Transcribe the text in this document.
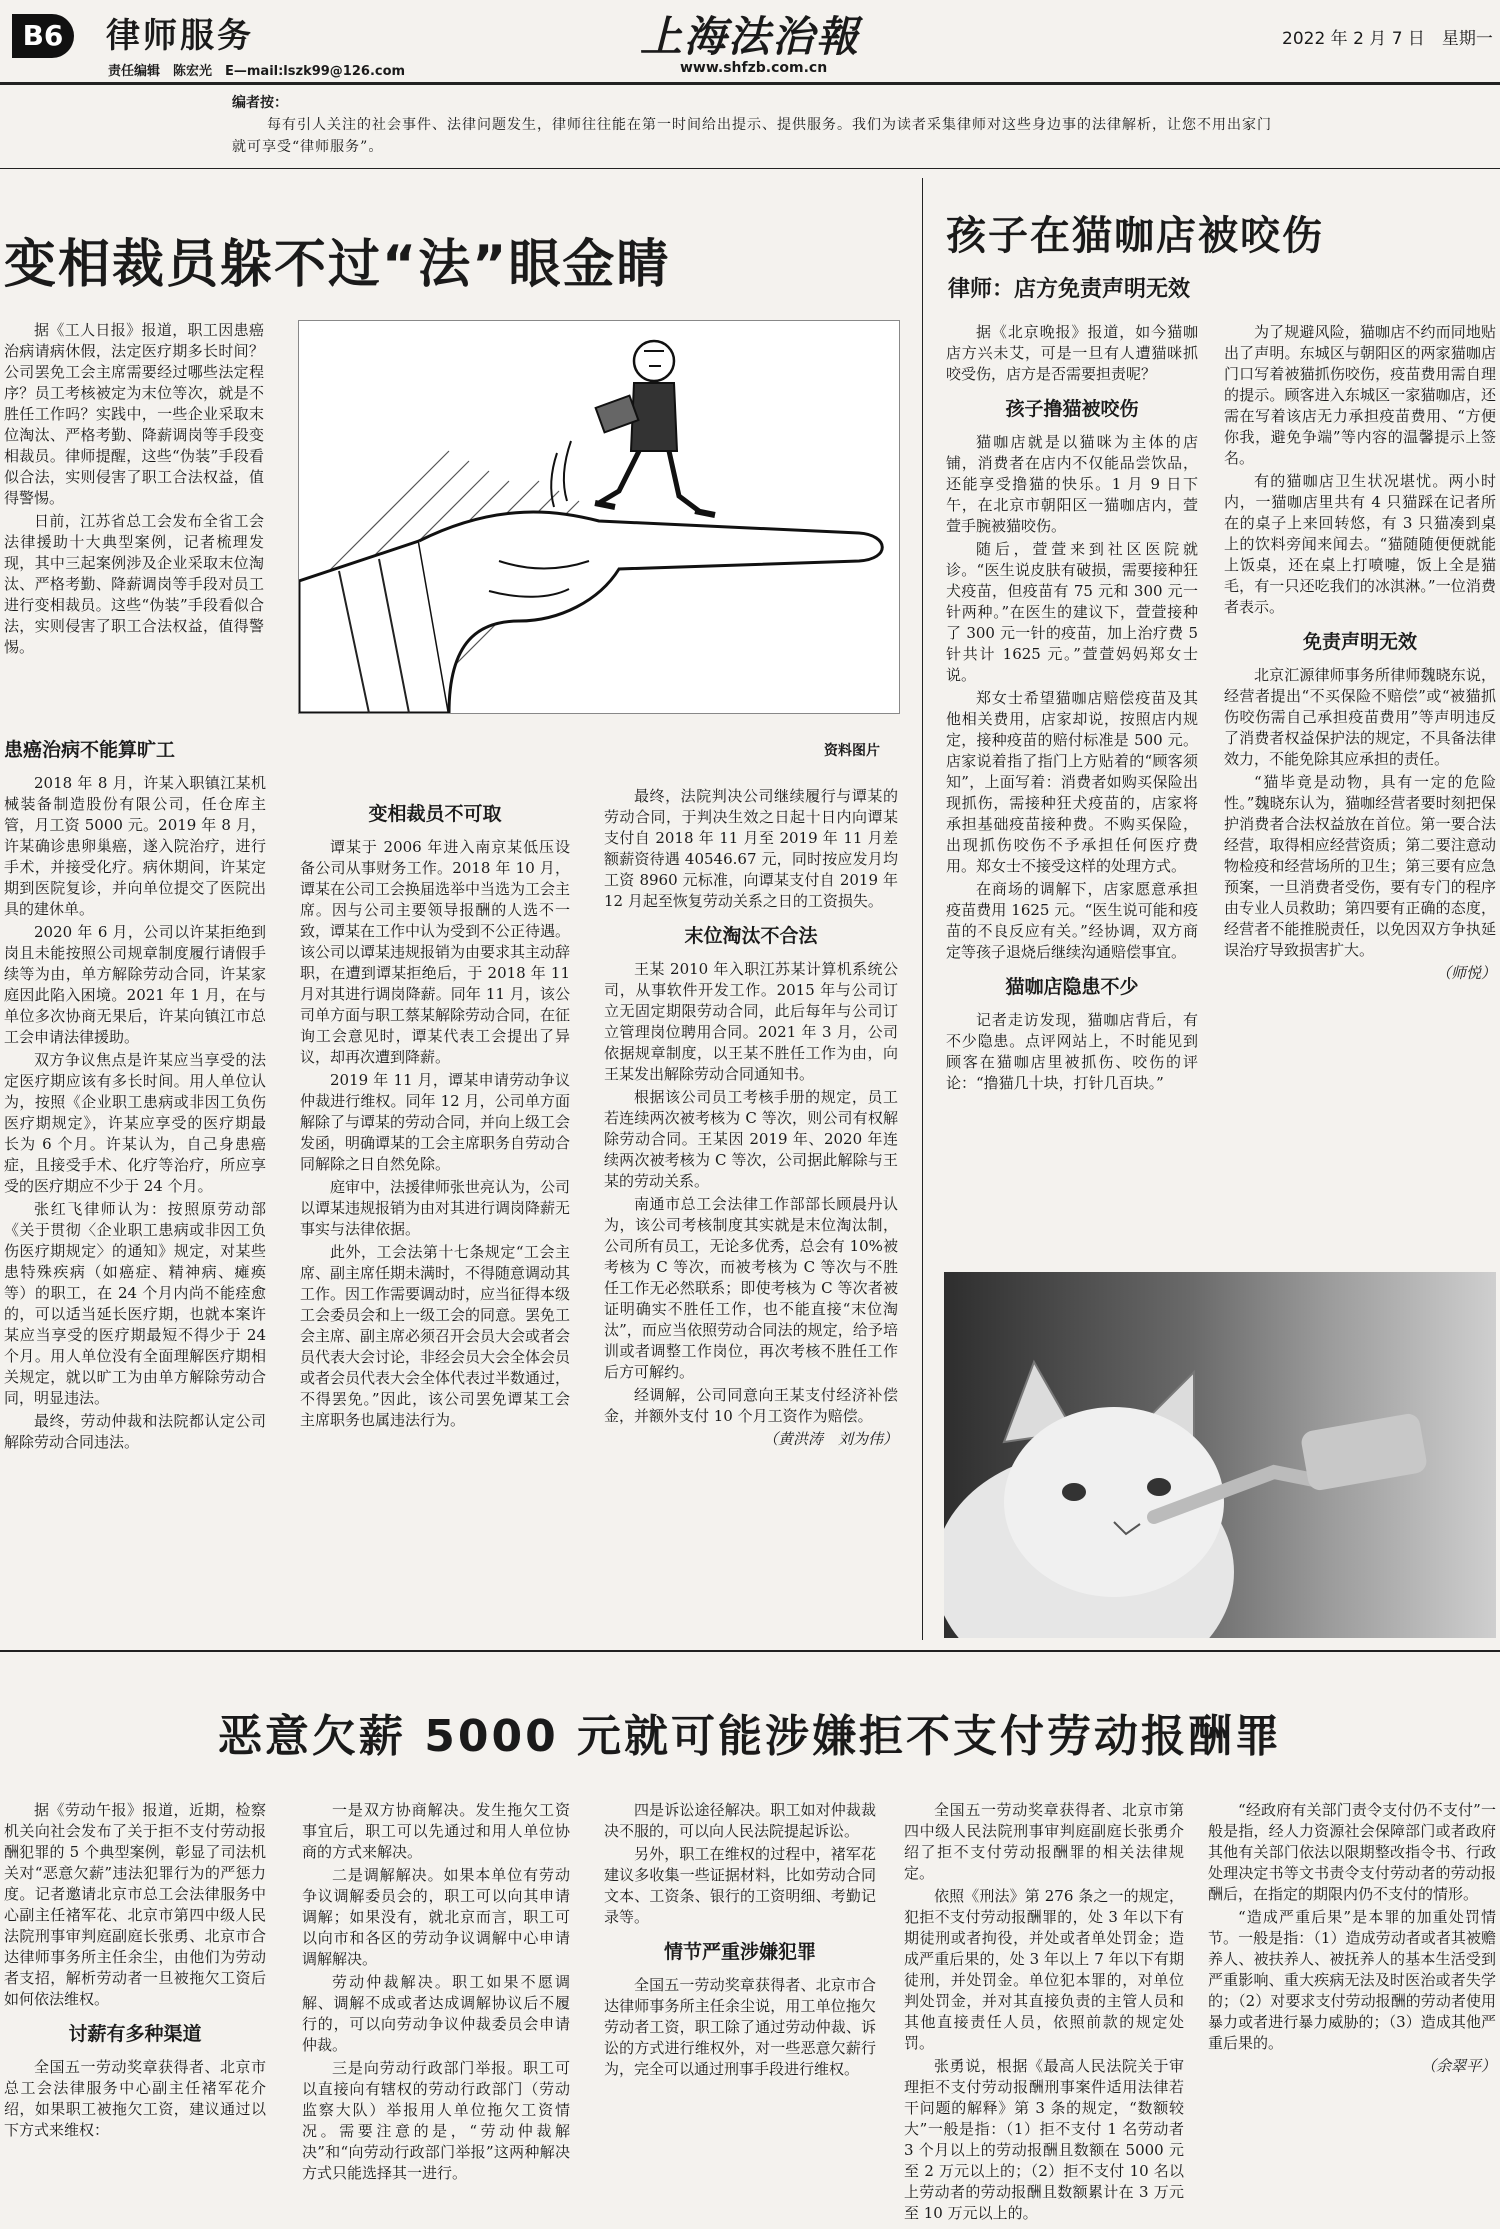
B6	律师服务
责任编辑　陈宏光　E—mail:lszk99@126.com
上海法治報
www.shfzb.com.cn
2022 年 2 月 7 日　星期一
编者按：
每有引人关注的社会事件、法律问题发生，律师往往能在第一时间给出提示、提供服务。我们为读者采集律师对这些身边事的法律解析，让您不用出家门就可享受“律师服务”。
变相裁员躲不过“法”眼金睛

据《工人日报》报道，职工因患癌治病请病休假，法定医疗期多长时间？公司罢免工会主席需要经过哪些法定程序？员工考核被定为末位等次，就是不胜任工作吗？实践中，一些企业采取末位淘汰、严格考勤、降薪调岗等手段变相裁员。律师提醒，这些“伪装”手段看似合法，实则侵害了职工合法权益，值得警惕。

日前，江苏省总工会发布全省工会法律援助十大典型案例，记者梳理发现，其中三起案例涉及企业采取末位淘汰、严格考勤、降薪调岗等手段对员工进行变相裁员。这些“伪装”手段看似合法，实则侵害了职工合法权益，值得警惕。

资料图片

患癌治病不能算旷工

2018 年 8 月，许某入职镇江某机械装备制造股份有限公司，任仓库主管，月工资 5000 元。2019 年 8 月，许某确诊患卵巢癌，遂入院治疗，进行手术，并接受化疗。病休期间，许某定期到医院复诊，并向单位提交了医院出具的建休单。

2020 年 6 月，公司以许某拒绝到岗且未能按照公司规章制度履行请假手续等为由，单方解除劳动合同，许某家庭因此陷入困境。2021 年 1 月，在与单位多次协商无果后，许某向镇江市总工会申请法律援助。

双方争议焦点是许某应当享受的法定医疗期应该有多长时间。用人单位认为，按照《企业职工患病或非因工负伤医疗期规定》，许某应享受的医疗期最长为 6 个月。许某认为，自己身患癌症，且接受手术、化疗等治疗，所应享受的医疗期应不少于 24 个月。

张红飞律师认为：按照原劳动部《关于贯彻〈企业职工患病或非因工负伤医疗期规定〉的通知》规定，对某些患特殊疾病（如癌症、精神病、瘫痪等）的职工，在 24 个月内尚不能痊愈的，可以适当延长医疗期，也就本案许某应当享受的医疗期最短不得少于 24 个月。用人单位没有全面理解医疗期相关规定，就以旷工为由单方解除劳动合同，明显违法。

最终，劳动仲裁和法院都认定公司解除劳动合同违法。

变相裁员不可取

谭某于 2006 年进入南京某低压设备公司从事财务工作。2018 年 10 月，谭某在公司工会换届选举中当选为工会主席。因与公司主要领导报酬的人选不一致，谭某在工作中认为受到不公正待遇。该公司以谭某违规报销为由要求其主动辞职，在遭到谭某拒绝后，于 2018 年 11 月对其进行调岗降薪。同年 11 月，该公司单方面与职工蔡某解除劳动合同，在征询工会意见时，谭某代表工会提出了异议，却再次遭到降薪。

2019 年 11 月，谭某申请劳动争议仲裁进行维权。同年 12 月，公司单方面解除了与谭某的劳动合同，并向上级工会发函，明确谭某的工会主席职务自劳动合同解除之日自然免除。

庭审中，法援律师张世亮认为，公司以谭某违规报销为由对其进行调岗降薪无事实与法律依据。

此外，工会法第十七条规定“工会主席、副主席任期未满时，不得随意调动其工作。因工作需要调动时，应当征得本级工会委员会和上一级工会的同意。罢免工会主席、副主席必须召开会员大会或者会员代表大会讨论，非经会员大会全体会员或者会员代表大会全体代表过半数通过，不得罢免。”因此，该公司罢免谭某工会主席职务也属违法行为。

最终，法院判决公司继续履行与谭某的劳动合同，于判决生效之日起十日内向谭某支付自 2018 年 11 月至 2019 年 11 月差额薪资待遇 40546.67 元，同时按应发月均工资 8960 元标准，向谭某支付自 2019 年 12 月起至恢复劳动关系之日的工资损失。

末位淘汰不合法

王某 2010 年入职江苏某计算机系统公司，从事软件开发工作。2015 年与公司订立无固定期限劳动合同，此后每年与公司订立管理岗位聘用合同。2021 年 3 月，公司依据规章制度，以王某不胜任工作为由，向王某发出解除劳动合同通知书。

根据该公司员工考核手册的规定，员工若连续两次被考核为 C 等次，则公司有权解除劳动合同。王某因 2019 年、2020 年连续两次被考核为 C 等次，公司据此解除与王某的劳动关系。

南通市总工会法律工作部部长顾晨丹认为，该公司考核制度其实就是末位淘汰制，公司所有员工，无论多优秀，总会有 10%被考核为 C 等次，而被考核为 C 等次与不胜任工作无必然联系；即使考核为 C 等次者被证明确实不胜任工作，也不能直接“末位淘汰”，而应当依照劳动合同法的规定，给予培训或者调整工作岗位，再次考核不胜任工作后方可解约。

经调解，公司同意向王某支付经济补偿金，并额外支付 10 个月工资作为赔偿。

（黄洪涛　刘为伟）

孩子在猫咖店被咬伤
律师：店方免责声明无效

据《北京晚报》报道，如今猫咖店方兴未艾，可是一旦有人遭猫咪抓咬受伤，店方是否需要担责呢？

孩子撸猫被咬伤

猫咖店就是以猫咪为主体的店铺，消费者在店内不仅能品尝饮品，还能享受撸猫的快乐。1 月 9 日下午，在北京市朝阳区一猫咖店内，萱萱手腕被猫咬伤。

随后，萱萱来到社区医院就诊。“医生说皮肤有破损，需要接种狂犬疫苗，但疫苗有 75 元和 300 元一针两种。”在医生的建议下，萱萱接种了 300 元一针的疫苗，加上治疗费 5 针共计 1625 元。”萱萱妈妈郑女士说。

郑女士希望猫咖店赔偿疫苗及其他相关费用，店家却说，按照店内规定，接种疫苗的赔付标准是 500 元。店家说着指了指门上方贴着的“顾客须知”，上面写着：消费者如购买保险出现抓伤，需接种狂犬疫苗的，店家将承担基础疫苗接种费。不购买保险，出现抓伤咬伤不予承担任何医疗费用。郑女士不接受这样的处理方式。

在商场的调解下，店家愿意承担疫苗费用 1625 元。“医生说可能和疫苗的不良反应有关。”经协调，双方商定等孩子退烧后继续沟通赔偿事宜。

猫咖店隐患不少

记者走访发现，猫咖店背后，有不少隐患。点评网站上，不时能见到顾客在猫咖店里被抓伤、咬伤的评论：“撸猫几十块，打针几百块。”

为了规避风险，猫咖店不约而同地贴出了声明。东城区与朝阳区的两家猫咖店门口写着被猫抓伤咬伤，疫苗费用需自理的提示。顾客进入东城区一家猫咖店，还需在写着该店无力承担疫苗费用、“方便你我，避免争端”等内容的温馨提示上签名。

有的猫咖店卫生状况堪忧。两小时内，一猫咖店里共有 4 只猫踩在记者所在的桌子上来回转悠，有 3 只猫凑到桌上的饮料旁闻来闻去。“猫随随便便就能上饭桌，还在桌上打喷嚏，饭上全是猫毛，有一只还吃我们的冰淇淋。”一位消费者表示。

免责声明无效

北京汇源律师事务所律师魏晓东说，经营者提出“不买保险不赔偿”或“被猫抓伤咬伤需自己承担疫苗费用”等声明违反了消费者权益保护法的规定，不具备法律效力，不能免除其应承担的责任。

“猫毕竟是动物，具有一定的危险性。”魏晓东认为，猫咖经营者要时刻把保护消费者合法权益放在首位。第一要合法经营，取得相应经营资质；第二要注意动物检疫和经营场所的卫生；第三要有应急预案，一旦消费者受伤，要有专门的程序由专业人员救助；第四要有正确的态度，经营者不能推脱责任，以免因双方争执延误治疗导致损害扩大。

（师悦）

恶意欠薪 5000 元就可能涉嫌拒不支付劳动报酬罪

据《劳动午报》报道，近期，检察机关向社会发布了关于拒不支付劳动报酬犯罪的 5 个典型案例，彰显了司法机关对“恶意欠薪”违法犯罪行为的严惩力度。记者邀请北京市总工会法律服务中心副主任褚军花、北京市第四中级人民法院刑事审判庭副庭长张勇、北京市合达律师事务所主任余尘，由他们为劳动者支招，解析劳动者一旦被拖欠工资后如何依法维权。

讨薪有多种渠道

全国五一劳动奖章获得者、北京市总工会法律服务中心副主任褚军花介绍，如果职工被拖欠工资，建议通过以下方式来维权：

一是双方协商解决。发生拖欠工资事宜后，职工可以先通过和用人单位协商的方式来解决。

二是调解解决。如果本单位有劳动争议调解委员会的，职工可以向其申请调解；如果没有，就北京而言，职工可以向市和各区的劳动争议调解中心申请调解解决。

劳动仲裁解决。职工如果不愿调解、调解不成或者达成调解协议后不履行的，可以向劳动争议仲裁委员会申请仲裁。

三是向劳动行政部门举报。职工可以直接向有辖权的劳动行政部门（劳动监察大队）举报用人单位拖欠工资情况。需要注意的是，“劳动仲裁解决”和“向劳动行政部门举报”这两种解决方式只能选择其一进行。

四是诉讼途径解决。职工如对仲裁裁决不服的，可以向人民法院提起诉讼。

另外，职工在维权的过程中，褚军花建议多收集一些证据材料，比如劳动合同文本、工资条、银行的工资明细、考勤记录等。

情节严重涉嫌犯罪

全国五一劳动奖章获得者、北京市合达律师事务所主任余尘说，用工单位拖欠劳动者工资，职工除了通过劳动仲裁、诉讼的方式进行维权外，对一些恶意欠薪行为，完全可以通过刑事手段进行维权。

全国五一劳动奖章获得者、北京市第四中级人民法院刑事审判庭副庭长张勇介绍了拒不支付劳动报酬罪的相关法律规定。

依照《刑法》第 276 条之一的规定，犯拒不支付劳动报酬罪的，处 3 年以下有期徒刑或者拘役，并处或者单处罚金；造成严重后果的，处 3 年以上 7 年以下有期徒刑，并处罚金。单位犯本罪的，对单位判处罚金，并对其直接负责的主管人员和其他直接责任人员，依照前款的规定处罚。

张勇说，根据《最高人民法院关于审理拒不支付劳动报酬刑事案件适用法律若干问题的解释》第 3 条的规定，“数额较大”一般是指：（1）拒不支付 1 名劳动者 3 个月以上的劳动报酬且数额在 5000 元至 2 万元以上的；（2）拒不支付 10 名以上劳动者的劳动报酬且数额累计在 3 万元至 10 万元以上的。

“经政府有关部门责令支付仍不支付”一般是指，经人力资源社会保障部门或者政府其他有关部门依法以限期整改指令书、行政处理决定书等文书责令支付劳动者的劳动报酬后，在指定的期限内仍不支付的情形。

“造成严重后果”是本罪的加重处罚情节。一般是指：（1）造成劳动者或者其被赡养人、被扶养人、被抚养人的基本生活受到严重影响、重大疾病无法及时医治或者失学的；（2）对要求支付劳动报酬的劳动者使用暴力或者进行暴力威胁的；（3）造成其他严重后果的。

（余翠平）
